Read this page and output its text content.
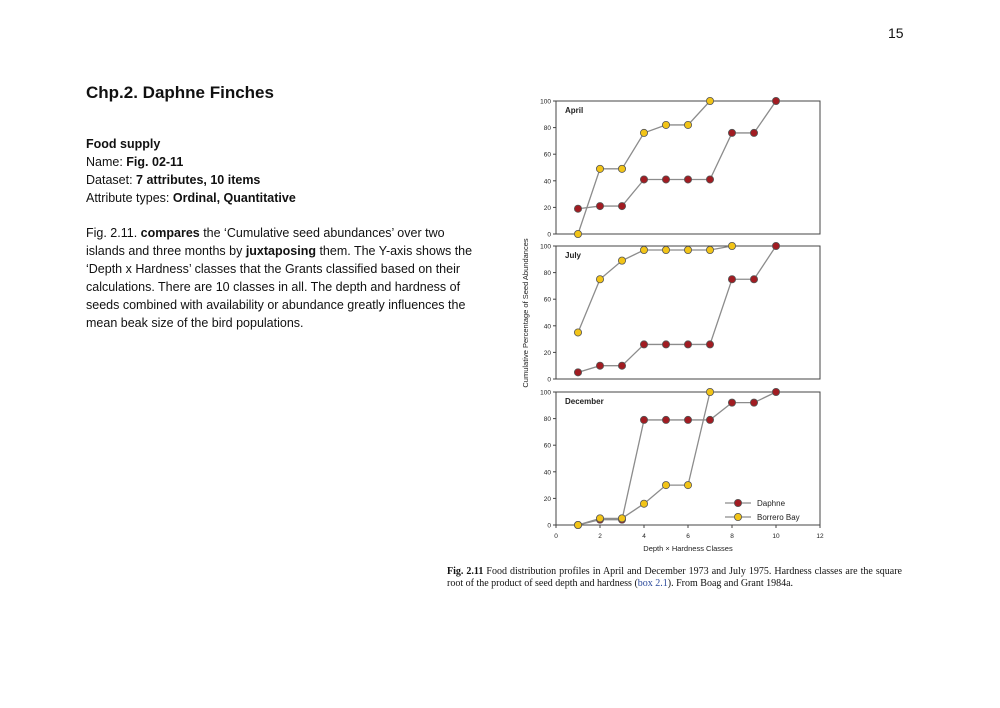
15
Chp.2. Daphne Finches
Food supply
Name: Fig. 02-11
Dataset: 7 attributes, 10 items
Attribute types: Ordinal, Quantitative

Fig. 2.11. compares the ‘Cumulative seed abundances’ over two islands and three months by juxtaposing them. The Y-axis shows the ‘Depth x Hardness’ classes that the Grants classified based on their calculations. There are 10 classes in all. The depth and hardness of seeds combined with availability or abundance greatly influences the mean beak size of the bird populations.

0
20
40
60
80
100
April
0
20
40
60
80
100
July
0
20
40
60
80
100
December
0	2	4	6	8	10	12
Depth × Hardness Classes
Cumulative Percentage of Seed Abundances
Daphne
Borrero Bay
Fig. 2.11 Food distribution profiles in April and December 1973 and July 1975. Hardness classes are the square root of the product of seed depth and hardness (box 2.1). From Boag and Grant 1984a.
